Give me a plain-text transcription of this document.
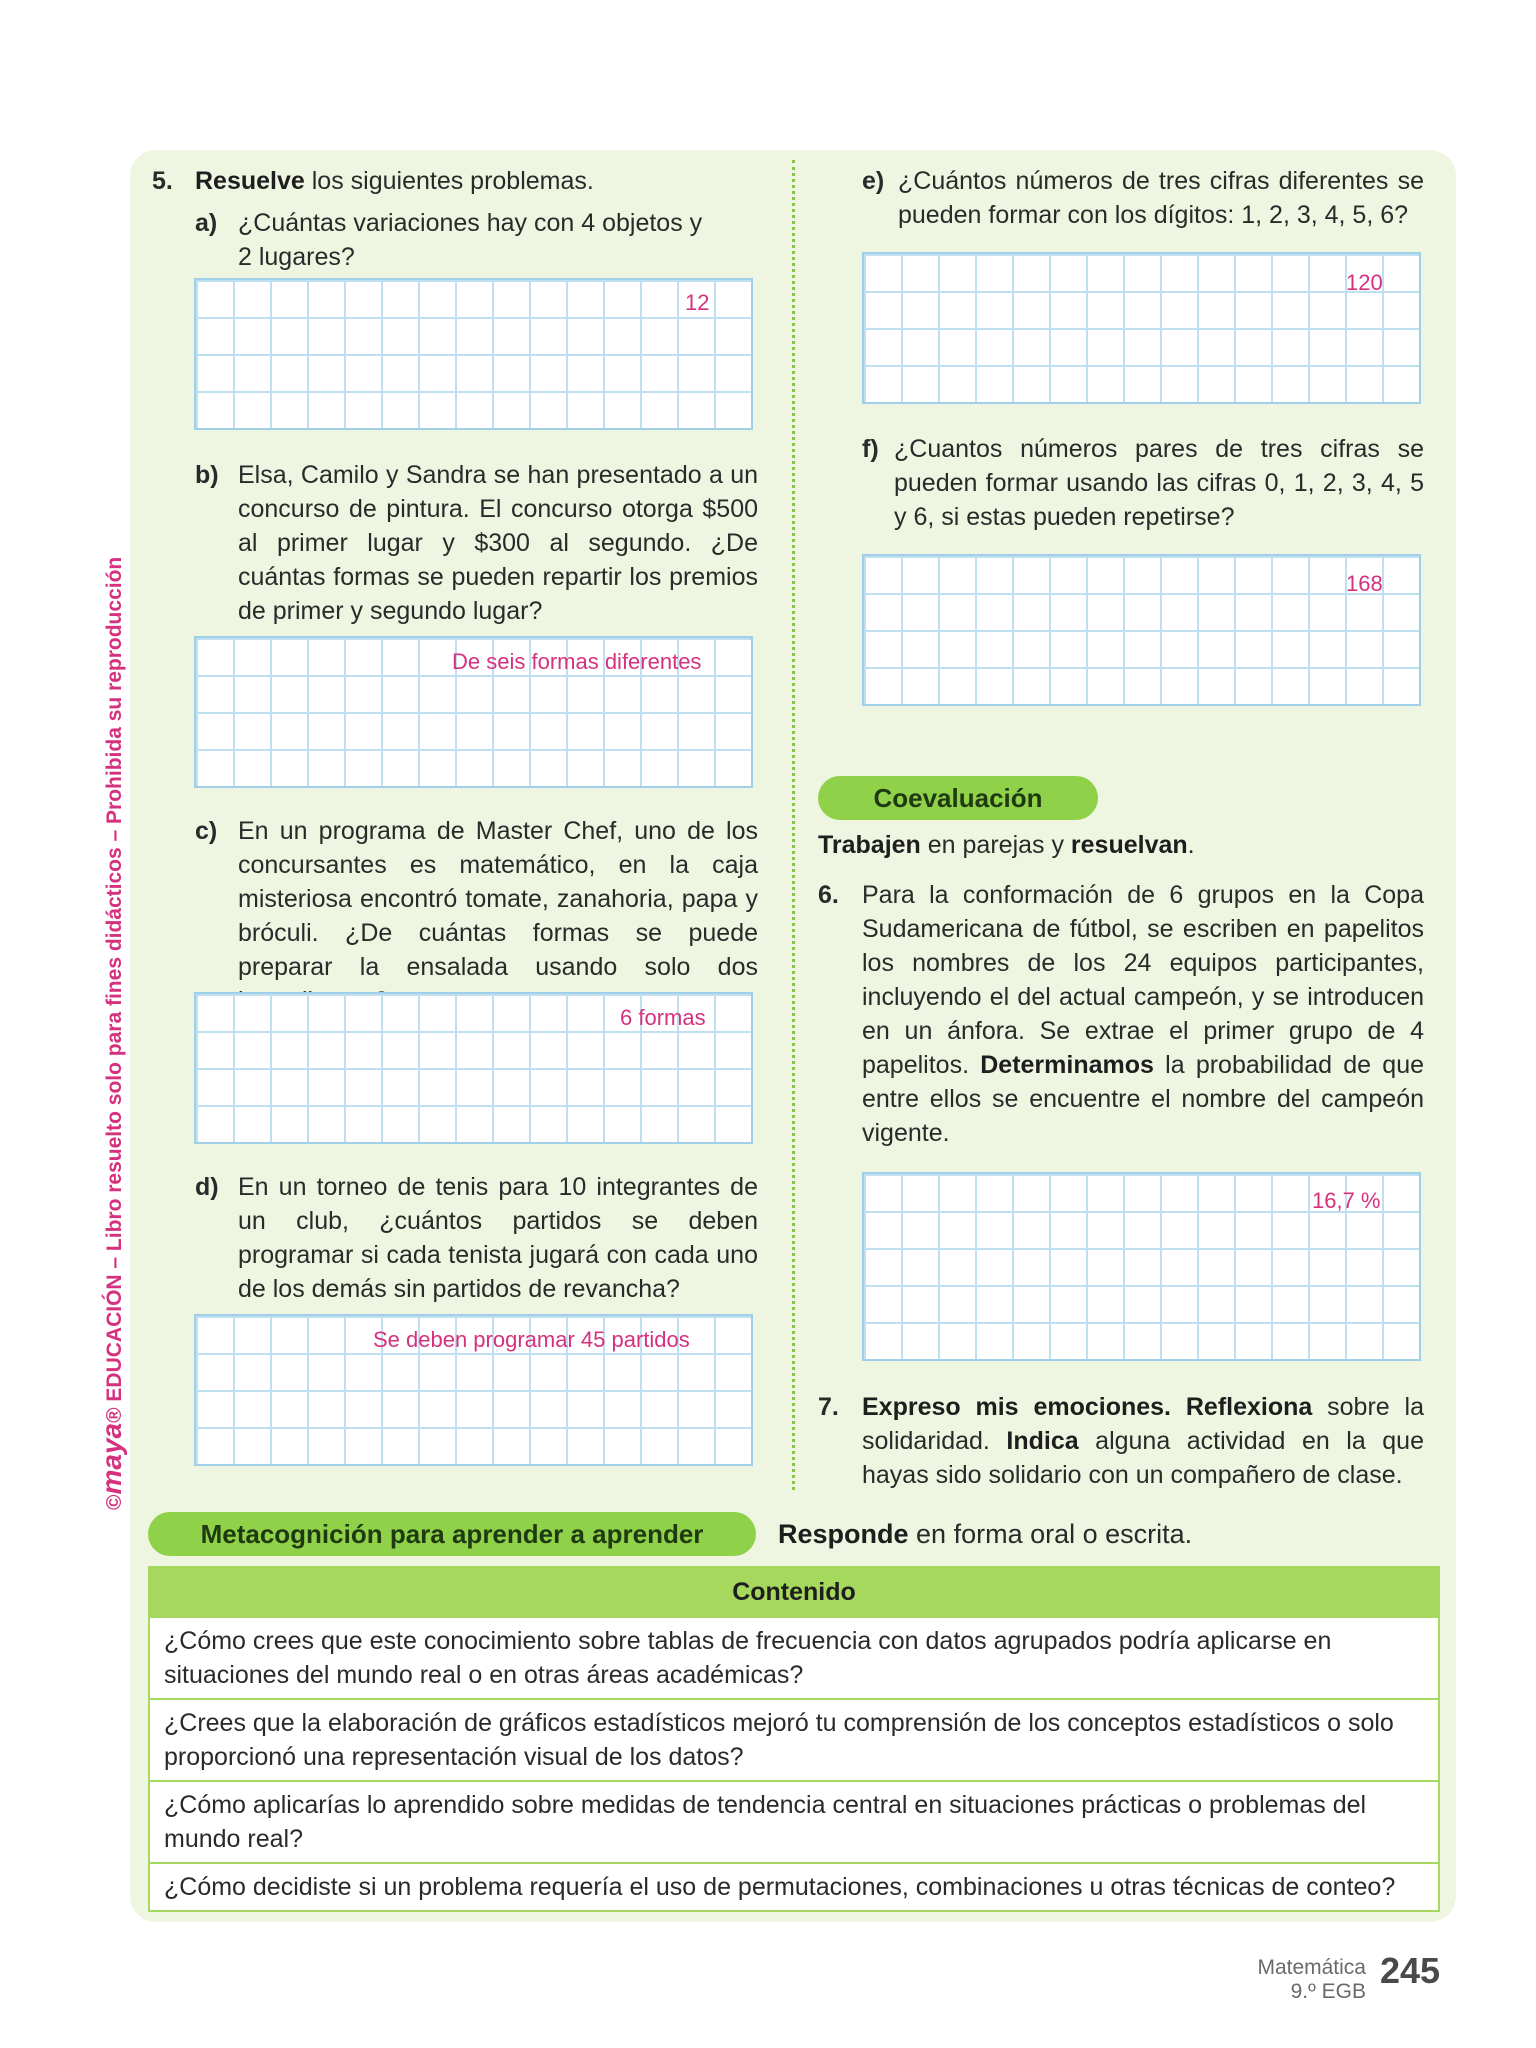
©maya® EDUCACIÓN – Libro resuelto solo para fines didácticos – Prohibida su reproducción
5. Resuelve los siguientes problemas.
a) ¿Cuántas variaciones hay con 4 objetos y 2 lugares?
12
b) Elsa, Camilo y Sandra se han presentado a un concurso de pintura. El concurso otorga $500 al primer lugar y $300 al segundo. ¿De cuántas formas se pueden repartir los premios de primer y segundo lugar?
De seis formas diferentes
c) En un programa de Master Chef, uno de los concursantes es matemático, en la caja misteriosa encontró tomate, zanahoria, papa y bróculi. ¿De cuántas formas se puede preparar la ensalada usando solo dos
6 formas
d) En un torneo de tenis para 10 integrantes de un club, ¿cuántos partidos se deben programar si cada tenista jugará con cada uno de los demás sin partidos de revancha?
Se deben programar 45 partidos
e) ¿Cuántos números de tres cifras diferentes se pueden formar con los dígitos: 1, 2, 3, 4, 5, 6?
120
f) ¿Cuantos números pares de tres cifras se pueden formar usando las cifras 0, 1, 2, 3, 4, 5 y 6, si estas pueden repetirse?
168
Coevaluación
Trabajen en parejas y resuelvan.
6. Para la conformación de 6 grupos en la Copa Sudamericana de fútbol, se escriben en papelitos los nombres de los 24 equipos participantes, incluyendo el del actual campeón, y se introducen en un ánfora. Se extrae el primer grupo de 4 papelitos. Determinamos la probabilidad de que entre ellos se encuentre el nombre del campeón vigente.
16,7 %
7. Expreso mis emociones. Reflexiona sobre la solidaridad. Indica alguna actividad en la que hayas sido solidario con un compañero de clase.
Metacognición para aprender a aprender	Responde en forma oral o escrita.
Contenido
¿Cómo crees que este conocimiento sobre tablas de frecuencia con datos agrupados podría aplicarse en situaciones del mundo real o en otras áreas académicas?
¿Crees que la elaboración de gráficos estadísticos mejoró tu comprensión de los conceptos estadísticos o solo proporcionó una representación visual de los datos?
¿Cómo aplicarías lo aprendido sobre medidas de tendencia central en situaciones prácticas o problemas del mundo real?
¿Cómo decidiste si un problema requería el uso de permutaciones, combinaciones u otras técnicas de conteo?
Matemática
9.º EGB
245
